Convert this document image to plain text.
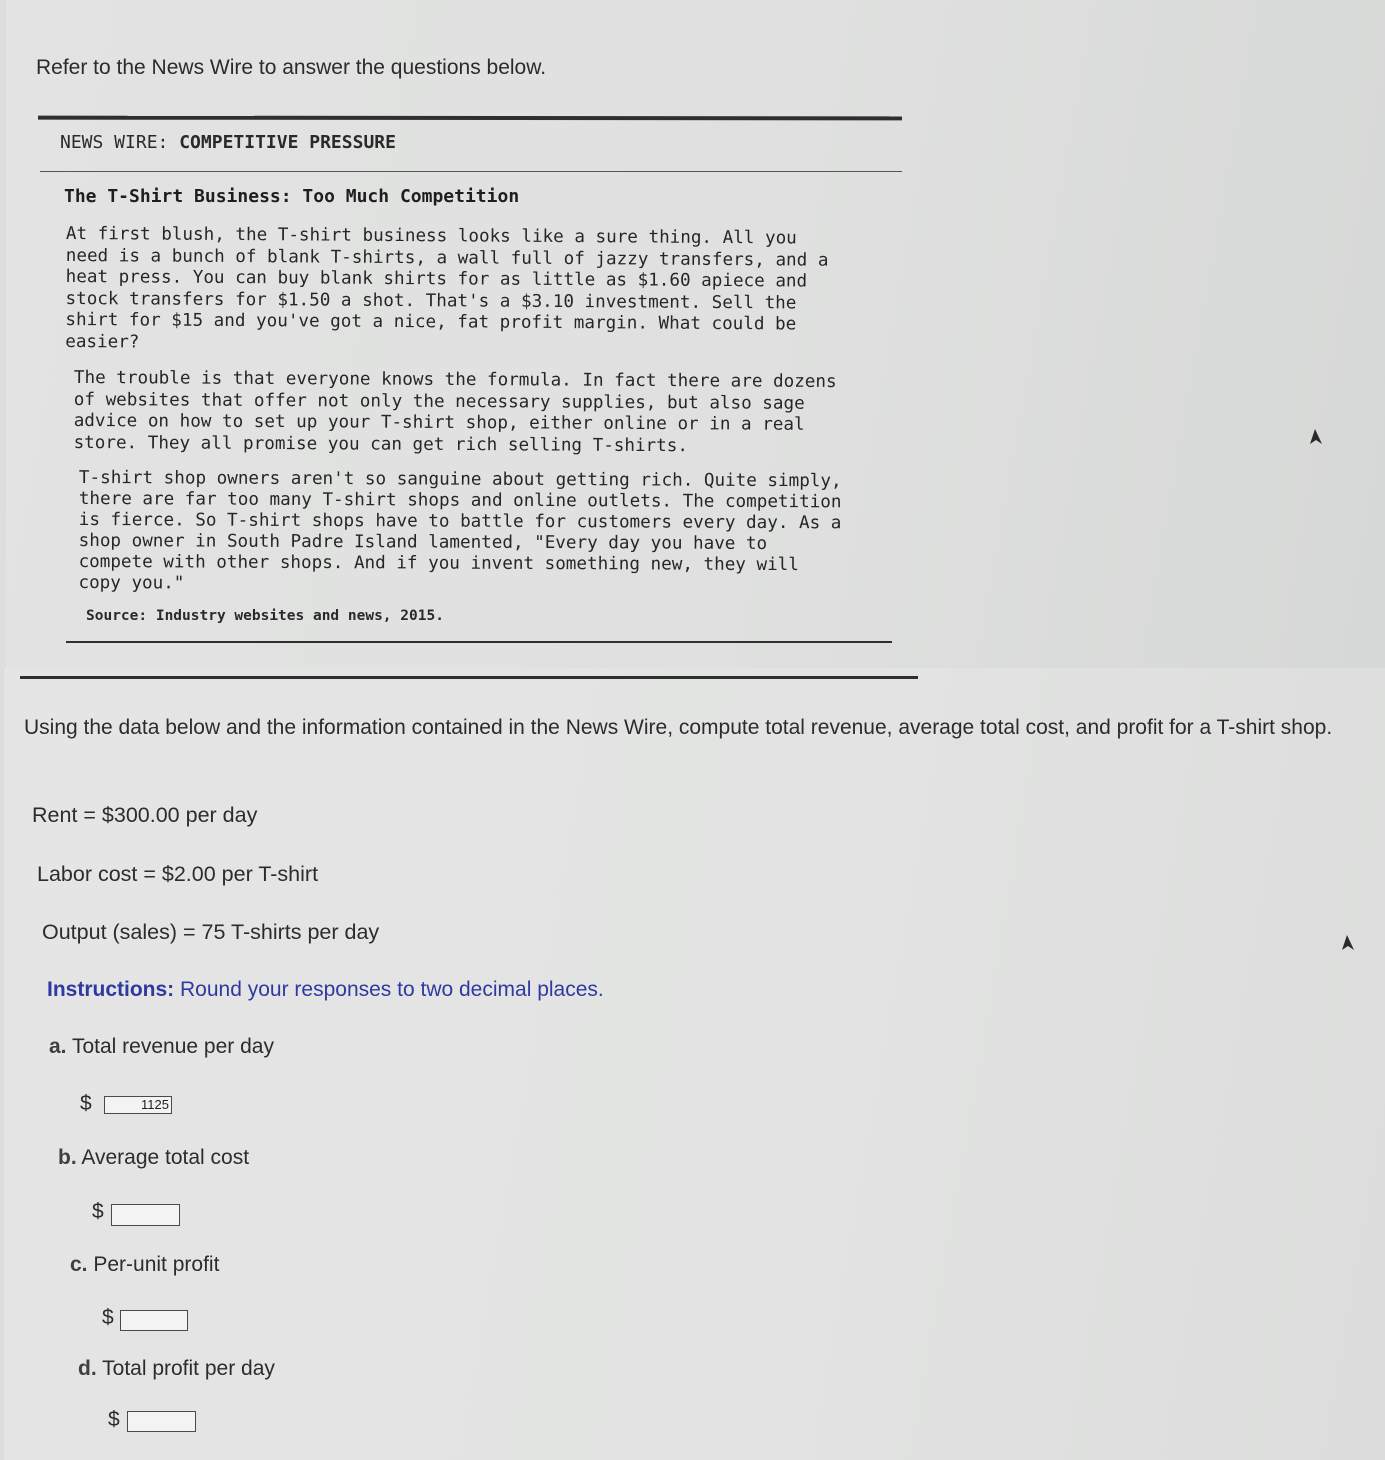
Refer to the News Wire to answer the questions below.
NEWS WIRE: COMPETITIVE PRESSURE
The T-Shirt Business: Too Much Competition

At first blush, the T-shirt business looks like a sure thing. All you
need is a bunch of blank T-shirts, a wall full of jazzy transfers, and a
heat press. You can buy blank shirts for as little as $1.60 apiece and
stock transfers for $1.50 a shot. That's a $3.10 investment. Sell the
shirt for $15 and you've got a nice, fat profit margin. What could be
easier?

The trouble is that everyone knows the formula. In fact there are dozens
of websites that offer not only the necessary supplies, but also sage
advice on how to set up your T-shirt shop, either online or in a real
store. They all promise you can get rich selling T-shirts.

T-shirt shop owners aren't so sanguine about getting rich. Quite simply,
there are far too many T-shirt shops and online outlets. The competition
is fierce. So T-shirt shops have to battle for customers every day. As a
shop owner in South Padre Island lamented, "Every day you have to
compete with other shops. And if you invent something new, they will
copy you."

Source: Industry websites and news, 2015.
Using the data below and the information contained in the News Wire, compute total revenue, average total cost, and profit for a T-shirt shop.
Rent = $300.00 per day
Labor cost = $2.00 per T-shirt
Output (sales) = 75 T-shirts per day
Instructions: Round your responses to two decimal places.
a. Total revenue per day
$	1125
b. Average total cost
$
c. Per-unit profit
$
d. Total profit per day
$
